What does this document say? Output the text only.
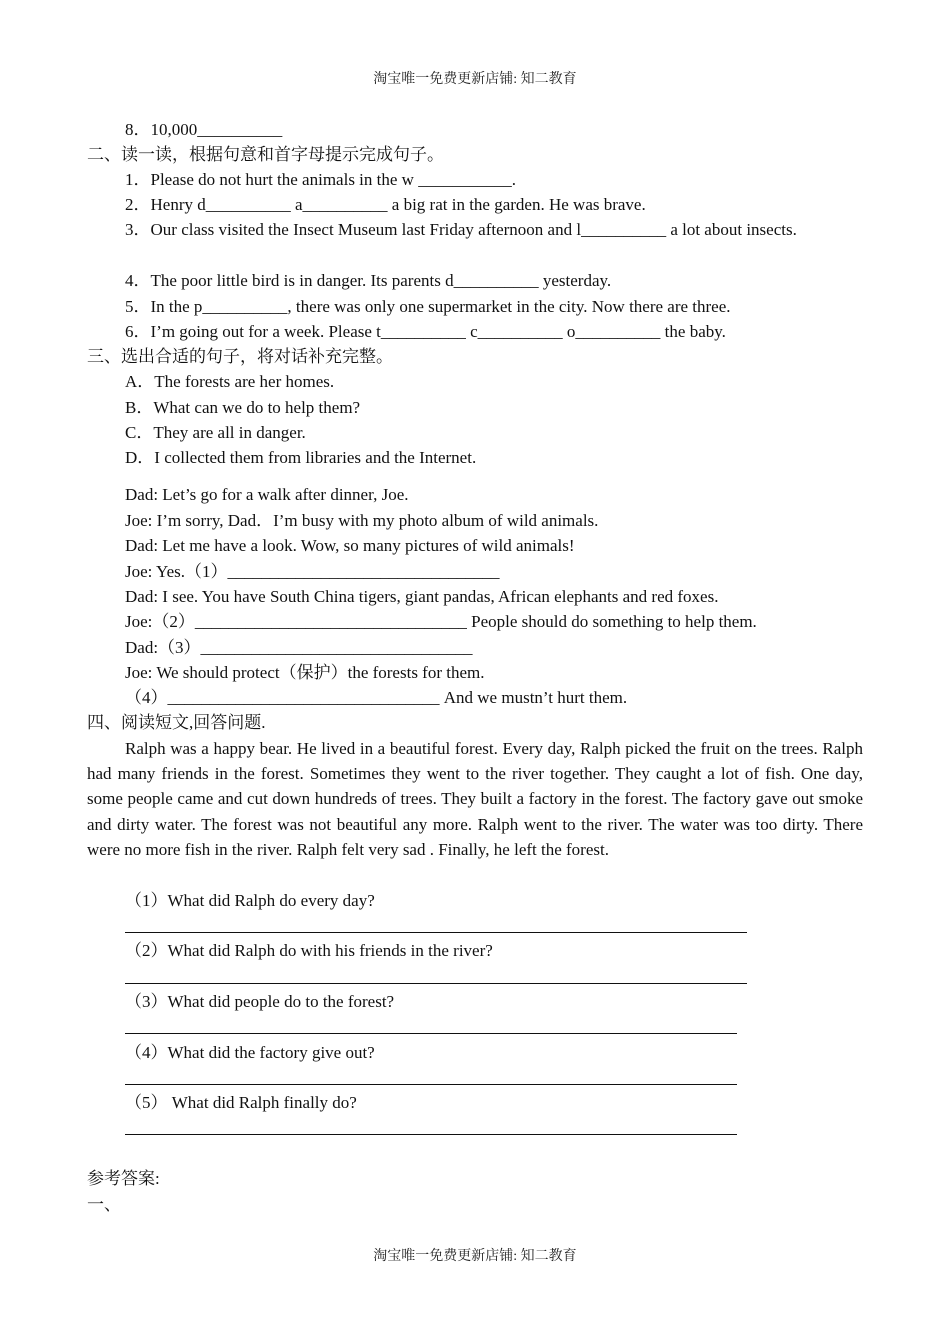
淘宝唯一免费更新店铺: 知二教育
8．10,000__________
二、读一读，根据句意和首字母提示完成句子。
1．Please do not hurt the animals in the w ___________.
2．Henry d__________ a__________ a big rat in the garden. He was brave.
3．Our class visited the Insect Museum last Friday afternoon and l__________ a lot about insects.
4．The poor little bird is in danger. Its parents d__________ yesterday.
5．In the p__________, there was only one supermarket in the city. Now there are three.
6．I’m going out for a week. Please t__________ c__________ o__________ the baby.
三、选出合适的句子，将对话补充完整。
A．The forests are her homes.
B．What can we do to help them?
C．They are all in danger.
D．I collected them from libraries and the Internet.
Dad: Let’s go for a walk after dinner, Joe.
Joe: I’m sorry, Dad．I’m busy with my photo album of wild animals.
Dad: Let me have a look. Wow, so many pictures of wild animals!
Joe: Yes.（1）________________________________
Dad: I see. You have South China tigers, giant pandas, African elephants and red foxes.
Joe:（2）________________________________ People should do something to help them.
Dad:（3）________________________________
Joe: We should protect（保护）the forests for them.
（4）________________________________ And we mustn’t hurt them.
四、阅读短文,回答问题.
Ralph was a happy bear. He lived in a beautiful forest. Every day, Ralph picked the fruit on the trees. Ralph had many friends in the forest. Sometimes they went to the river together. They caught a lot of fish. One day, some people came and cut down hundreds of trees. They built a factory in the forest. The factory gave out smoke and dirty water. The forest was not beautiful any more. Ralph went to the river. The water was too dirty. There were no more fish in the river. Ralph felt very sad . Finally, he left the forest.
（1）What did Ralph do every day?
（2）What did Ralph do with his friends in the river?
（3）What did people do to the forest?
（4）What did the factory give out?
（5） What did Ralph finally do?
参考答案:
一、
淘宝唯一免费更新店铺: 知二教育
